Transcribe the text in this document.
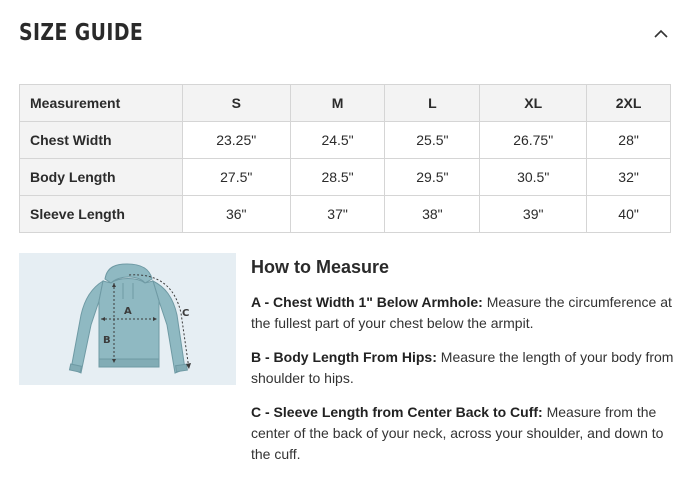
SIZE GUIDE
Measurement	S	M	L	XL	2XL
Chest Width	23.25"	24.5"	25.5"	26.75"	28"
Body Length	27.5"	28.5"	29.5"	30.5"	32"
Sleeve Length	36"	37"	38"	39"	40"
A
B
C
How to Measure

A - Chest Width 1" Below Armhole: Measure the circumference at the fullest part of your chest below the armpit.

B - Body Length From Hips: Measure the length of your body from shoulder to hips.

C - Sleeve Length from Center Back to Cuff: Measure from the center of the back of your neck, across your shoulder, and down to the cuff.
